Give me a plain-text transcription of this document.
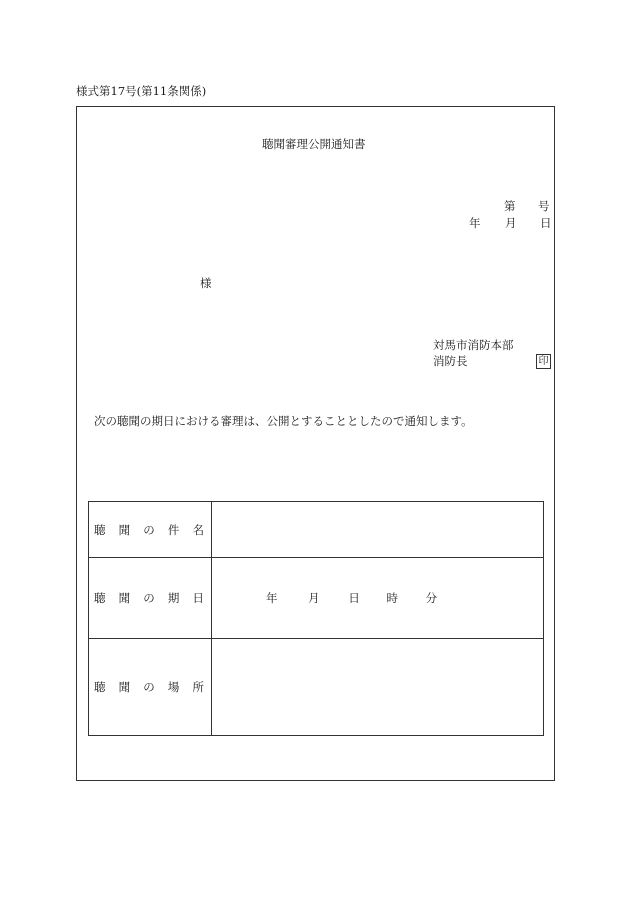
様式第17号(第11条関係)
聴聞審理公開通知書
第 号
年 月 日
様
対馬市消防本部
消防長	印
次の聴聞の期日における審理は、公開とすることとしたので通知します。
聴 聞 の 件 名	

聴 聞 の 期 日	年 月 日 時 分

聴 聞 の 場 所	
